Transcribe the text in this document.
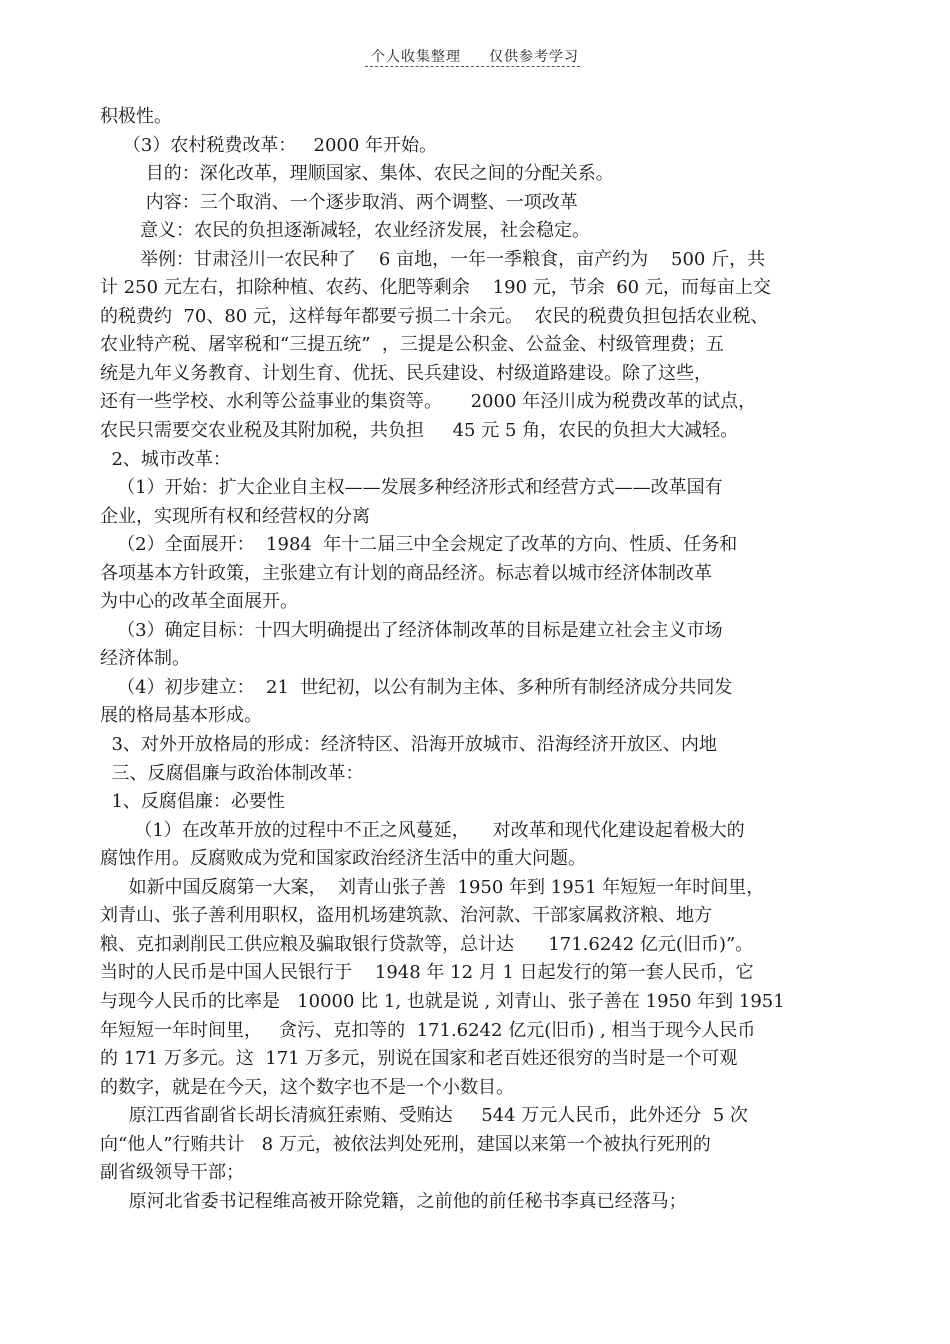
个人收集整理 仅供参考学习
积极性。
（3）农村税费改革：   2000 年开始。
目的：深化改革，理顺国家、集体、农民之间的分配关系。
内容：三个取消、一个逐步取消、两个调整、一项改革
意义：农民的负担逐渐减轻，农业经济发展，社会稳定。
举例：甘肃泾川一农民种了    6 亩地，一年一季粮食，亩产约为    500 斤，共
计 250 元左右，扣除种植、农药、化肥等剩余    190 元，节余  60 元，而每亩上交
的税费约  70、80 元，这样每年都要亏损二十余元。  农民的税费负担包括农业税、
农业特产税、屠宰税和“三提五统”  ，三提是公积金、公益金、村级管理费；五
统是九年义务教育、计划生育、优抚、民兵建设、村级道路建设。除了这些，
还有一些学校、水利等公益事业的集资等。     2000 年泾川成为税费改革的试点，
农民只需要交农业税及其附加税，共负担     45 元 5 角，农民的负担大大减轻。
2、城市改革：
（1）开始：扩大企业自主权——发展多种经济形式和经营方式——改革国有
企业，实现所有权和经营权的分离
（2）全面展开：  1984  年十二届三中全会规定了改革的方向、性质、任务和
各项基本方针政策，主张建立有计划的商品经济。标志着以城市经济体制改革
为中心的改革全面展开。
（3）确定目标：十四大明确提出了经济体制改革的目标是建立社会主义市场
经济体制。
（4）初步建立：  21  世纪初，以公有制为主体、多种所有制经济成分共同发
展的格局基本形成。
3、对外开放格局的形成：经济特区、沿海开放城市、沿海经济开放区、内地
三、反腐倡廉与政治体制改革：
1、反腐倡廉：必要性
（1）在改革开放的过程中不正之风蔓延，    对改革和现代化建设起着极大的
腐蚀作用。反腐败成为党和国家政治经济生活中的重大问题。
如新中国反腐第一大案，  刘青山张子善  1950 年到 1951 年短短一年时间里，
刘青山、张子善利用职权，盗用机场建筑款、治河款、干部家属救济粮、地方
粮、克扣剥削民工供应粮及骗取银行贷款等，总计达      171.6242 亿元(旧币)”。
当时的人民币是中国人民银行于    1948 年 12 月 1 日起发行的第一套人民币，它
与现今人民币的比率是   10000 比 1, 也就是说 , 刘青山、张子善在 1950 年到 1951
年短短一年时间里，   贪污、克扣等的  171.6242 亿元(旧币) , 相当于现今人民币
的 171 万多元。这  171 万多元，别说在国家和老百姓还很穷的当时是一个可观
的数字，就是在今天，这个数字也不是一个小数目。
原江西省副省长胡长清疯狂索贿、受贿达     544 万元人民币，此外还分  5 次
向“他人”行贿共计   8 万元，被依法判处死刑，建国以来第一个被执行死刑的
副省级领导干部；
原河北省委书记程维高被开除党籍，之前他的前任秘书李真已经落马；
